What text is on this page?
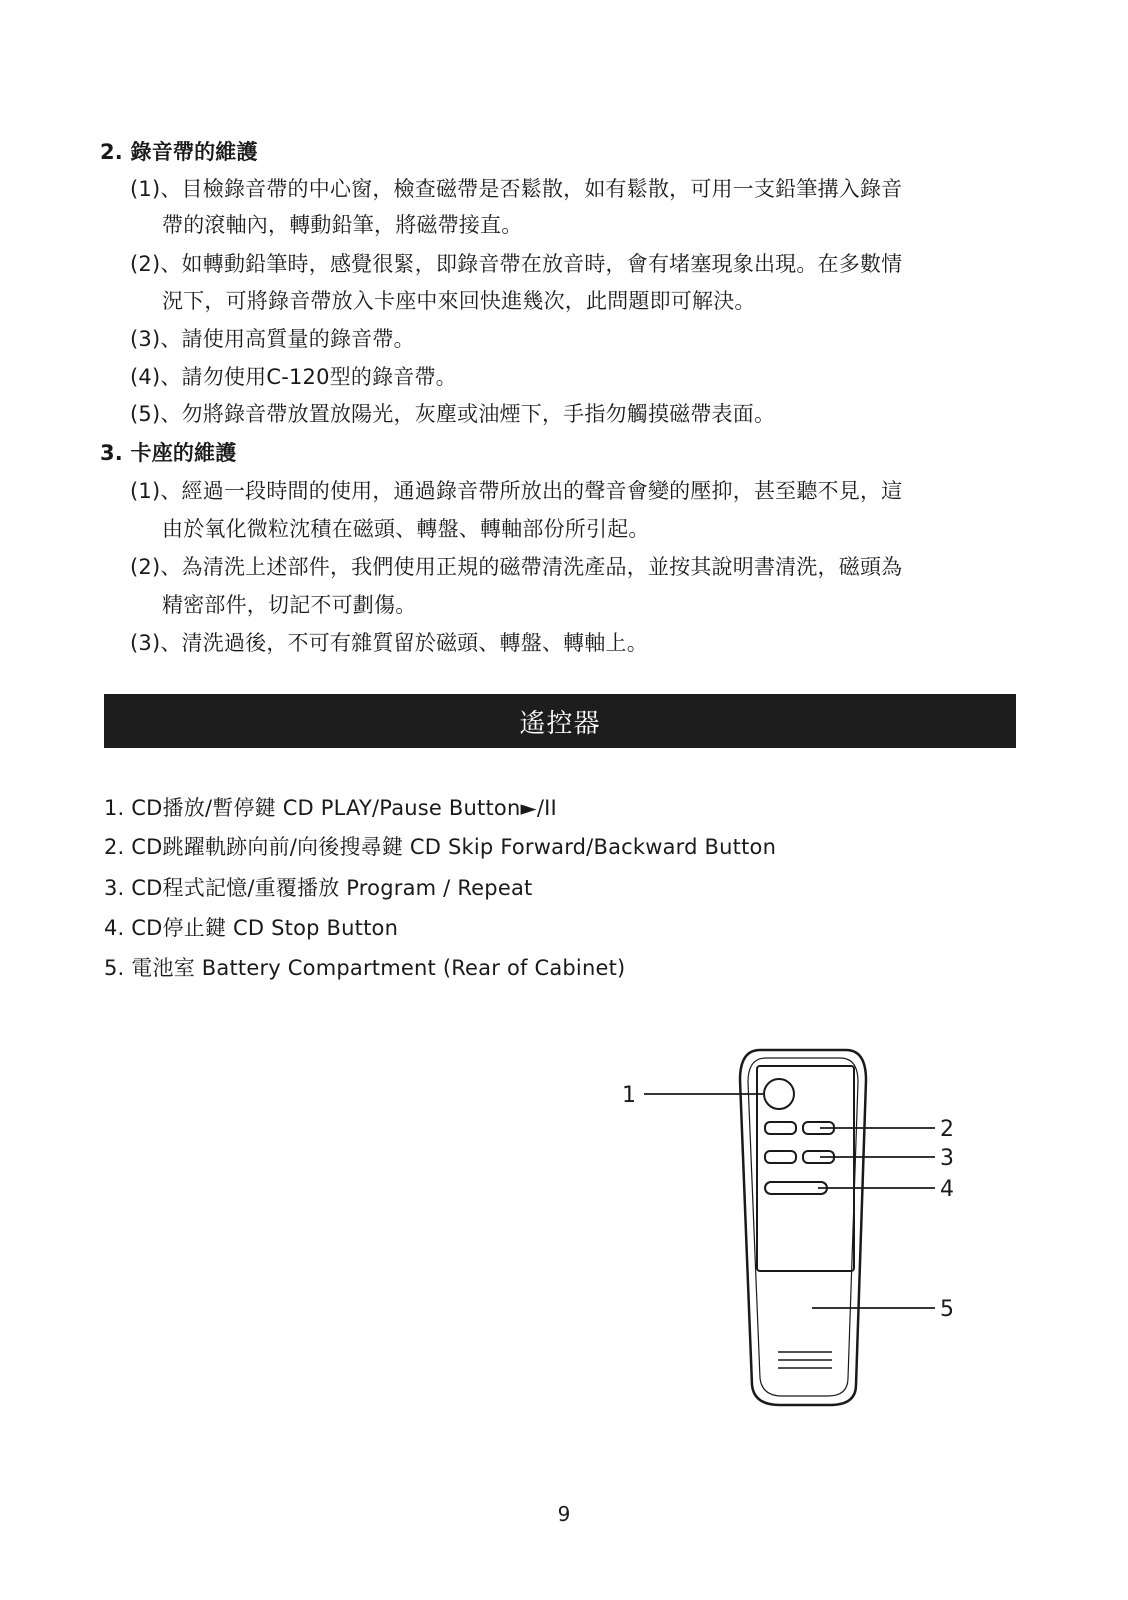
2. 錄音帶的維護
(1)、目檢錄音帶的中心窗，檢查磁帶是否鬆散，如有鬆散，可用一支鉛筆搆入錄音
帶的滾軸內，轉動鉛筆，將磁帶接直。
(2)、如轉動鉛筆時，感覺很緊，即錄音帶在放音時，會有堵塞現象出現。在多數情
況下，可將錄音帶放入卡座中來回快進幾次，此問題即可解決。
(3)、請使用高質量的錄音帶。
(4)、請勿使用C-120型的錄音帶。
(5)、勿將錄音帶放置放陽光，灰塵或油煙下，手指勿觸摸磁帶表面。
3. 卡座的維護
(1)、經過一段時間的使用，通過錄音帶所放出的聲音會變的壓抑，甚至聽不見，這
由於氧化微粒沈積在磁頭、轉盤、轉軸部份所引起。
(2)、為清洗上述部件，我們使用正規的磁帶清洗產品，並按其說明書清洗，磁頭為
精密部件，切記不可劃傷。
(3)、清洗過後，不可有雜質留於磁頭、轉盤、轉軸上。
遙控器
1. CD播放/暫停鍵 CD PLAY/Pause Button►/II
2. CD跳躍軌跡向前/向後搜尋鍵 CD Skip Forward/Backward Button
3. CD程式記憶/重覆播放 Program / Repeat
4. CD停止鍵 CD Stop Button
5. 電池室 Battery Compartment (Rear of Cabinet)
1
2
3
4
5
9
